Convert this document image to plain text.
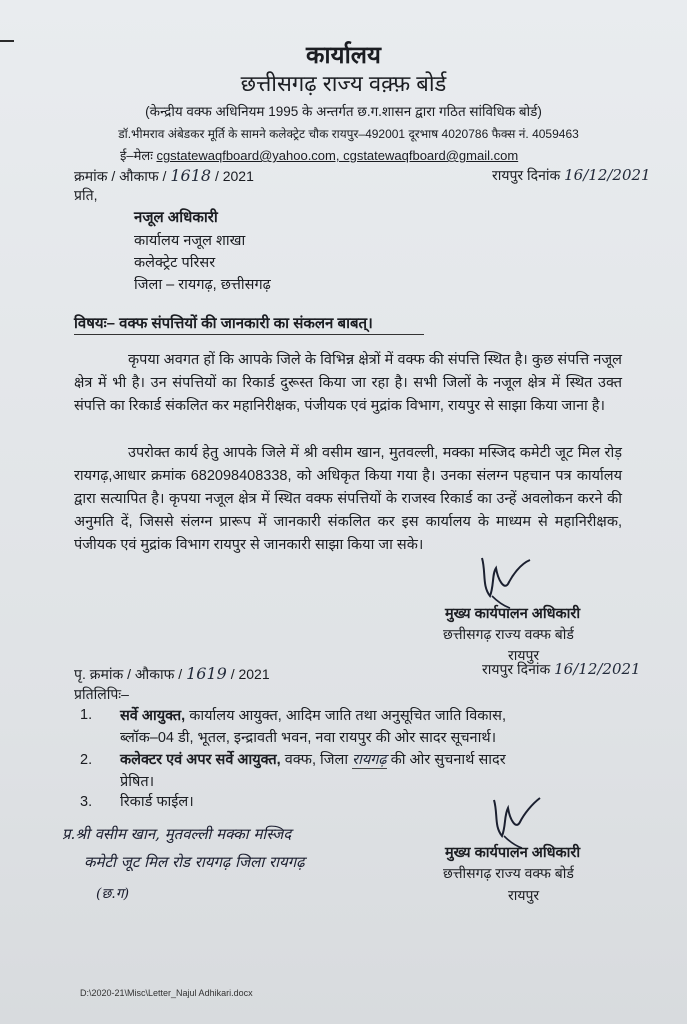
कार्यालय
छत्तीसगढ़ राज्य वक़्फ़ बोर्ड
(केन्द्रीय वक्फ अधिनियम 1995 के अन्तर्गत छ.ग.शासन द्वारा गठित सांविधिक बोर्ड)
डॉ.भीमराव अंबेडकर मूर्ति के सामने कलेक्ट्रेट चौक रायपुर–492001 दूरभाष 4020786 फैक्स नं. 4059463
ई–मेलः cgstatewaqfboard@yahoo.com, cgstatewaqfboard@gmail.com
क्रमांक / औकाफ / 1618 / 2021	रायपुर दिनांक 16/12/2021
प्रति,
नजूल अधिकारी
कार्यालय नजूल शाखा
कलेक्ट्रेट परिसर
जिला – रायगढ़, छत्तीसगढ़
विषयः– वक्फ संपत्तियों की जानकारी का संकलन बाबत्।
कृपया अवगत हों कि आपके जिले के विभिन्न क्षेत्रों में वक्फ की संपत्ति स्थित है। कुछ संपत्ति नजूल क्षेत्र में भी है। उन संपत्तियों का रिकार्ड दुरूस्त किया जा रहा है। सभी जिलों के नजूल क्षेत्र में स्थित उक्त संपत्ति का रिकार्ड संकलित कर महानिरीक्षक, पंजीयक एवं मुद्रांक विभाग, रायपुर से साझा किया जाना है।
उपरोक्त कार्य हेतु आपके जिले में श्री वसीम खान, मुतवल्ली, मक्का मस्जिद कमेटी जूट मिल रोड़ रायगढ़,आधार क्रमांक 682098408338, को अधिकृत किया गया है। उनका संलग्न पहचान पत्र कार्यालय द्वारा सत्यापित है। कृपया नजूल क्षेत्र में स्थित वक्फ संपत्तियों के राजस्व रिकार्ड का उन्हें अवलोकन करने की अनुमति दें, जिससे संलग्न प्रारूप में जानकारी संकलित कर इस कार्यालय के माध्यम से महानिरीक्षक, पंजीयक एवं मुद्रांक विभाग रायपुर से जानकारी साझा किया जा सके।
मुख्य कार्यपालन अधिकारी
छत्तीसगढ़ राज्य वक्फ बोर्ड
रायपुर
पृ. क्रमांक / औकाफ / 1619 / 2021	रायपुर दिनांक 16/12/2021
प्रतिलिपिः–
1. सर्वे आयुक्त, कार्यालय आयुक्त, आदिम जाति तथा अनुसूचित जाति विकास,
ब्लॉक–04 डी, भूतल, इन्द्रावती भवन, नवा रायपुर की ओर सादर सूचनार्थ।
2. कलेक्टर एवं अपर सर्वे आयुक्त, वक्फ, जिला रायगढ़ की ओर सुचनार्थ सादर
प्रेषित।
3. रिकार्ड फाईल।
प्र.श्री वसीम खान, मुतवल्ली मक्का मस्जिद
कमेटी जूट मिल रोड रायगढ़ जिला रायगढ़
(छ.ग)
मुख्य कार्यपालन अधिकारी
छत्तीसगढ़ राज्य वक्फ बोर्ड
रायपुर
D:\2020-21\Misc\Letter_Najul Adhikari.docx
